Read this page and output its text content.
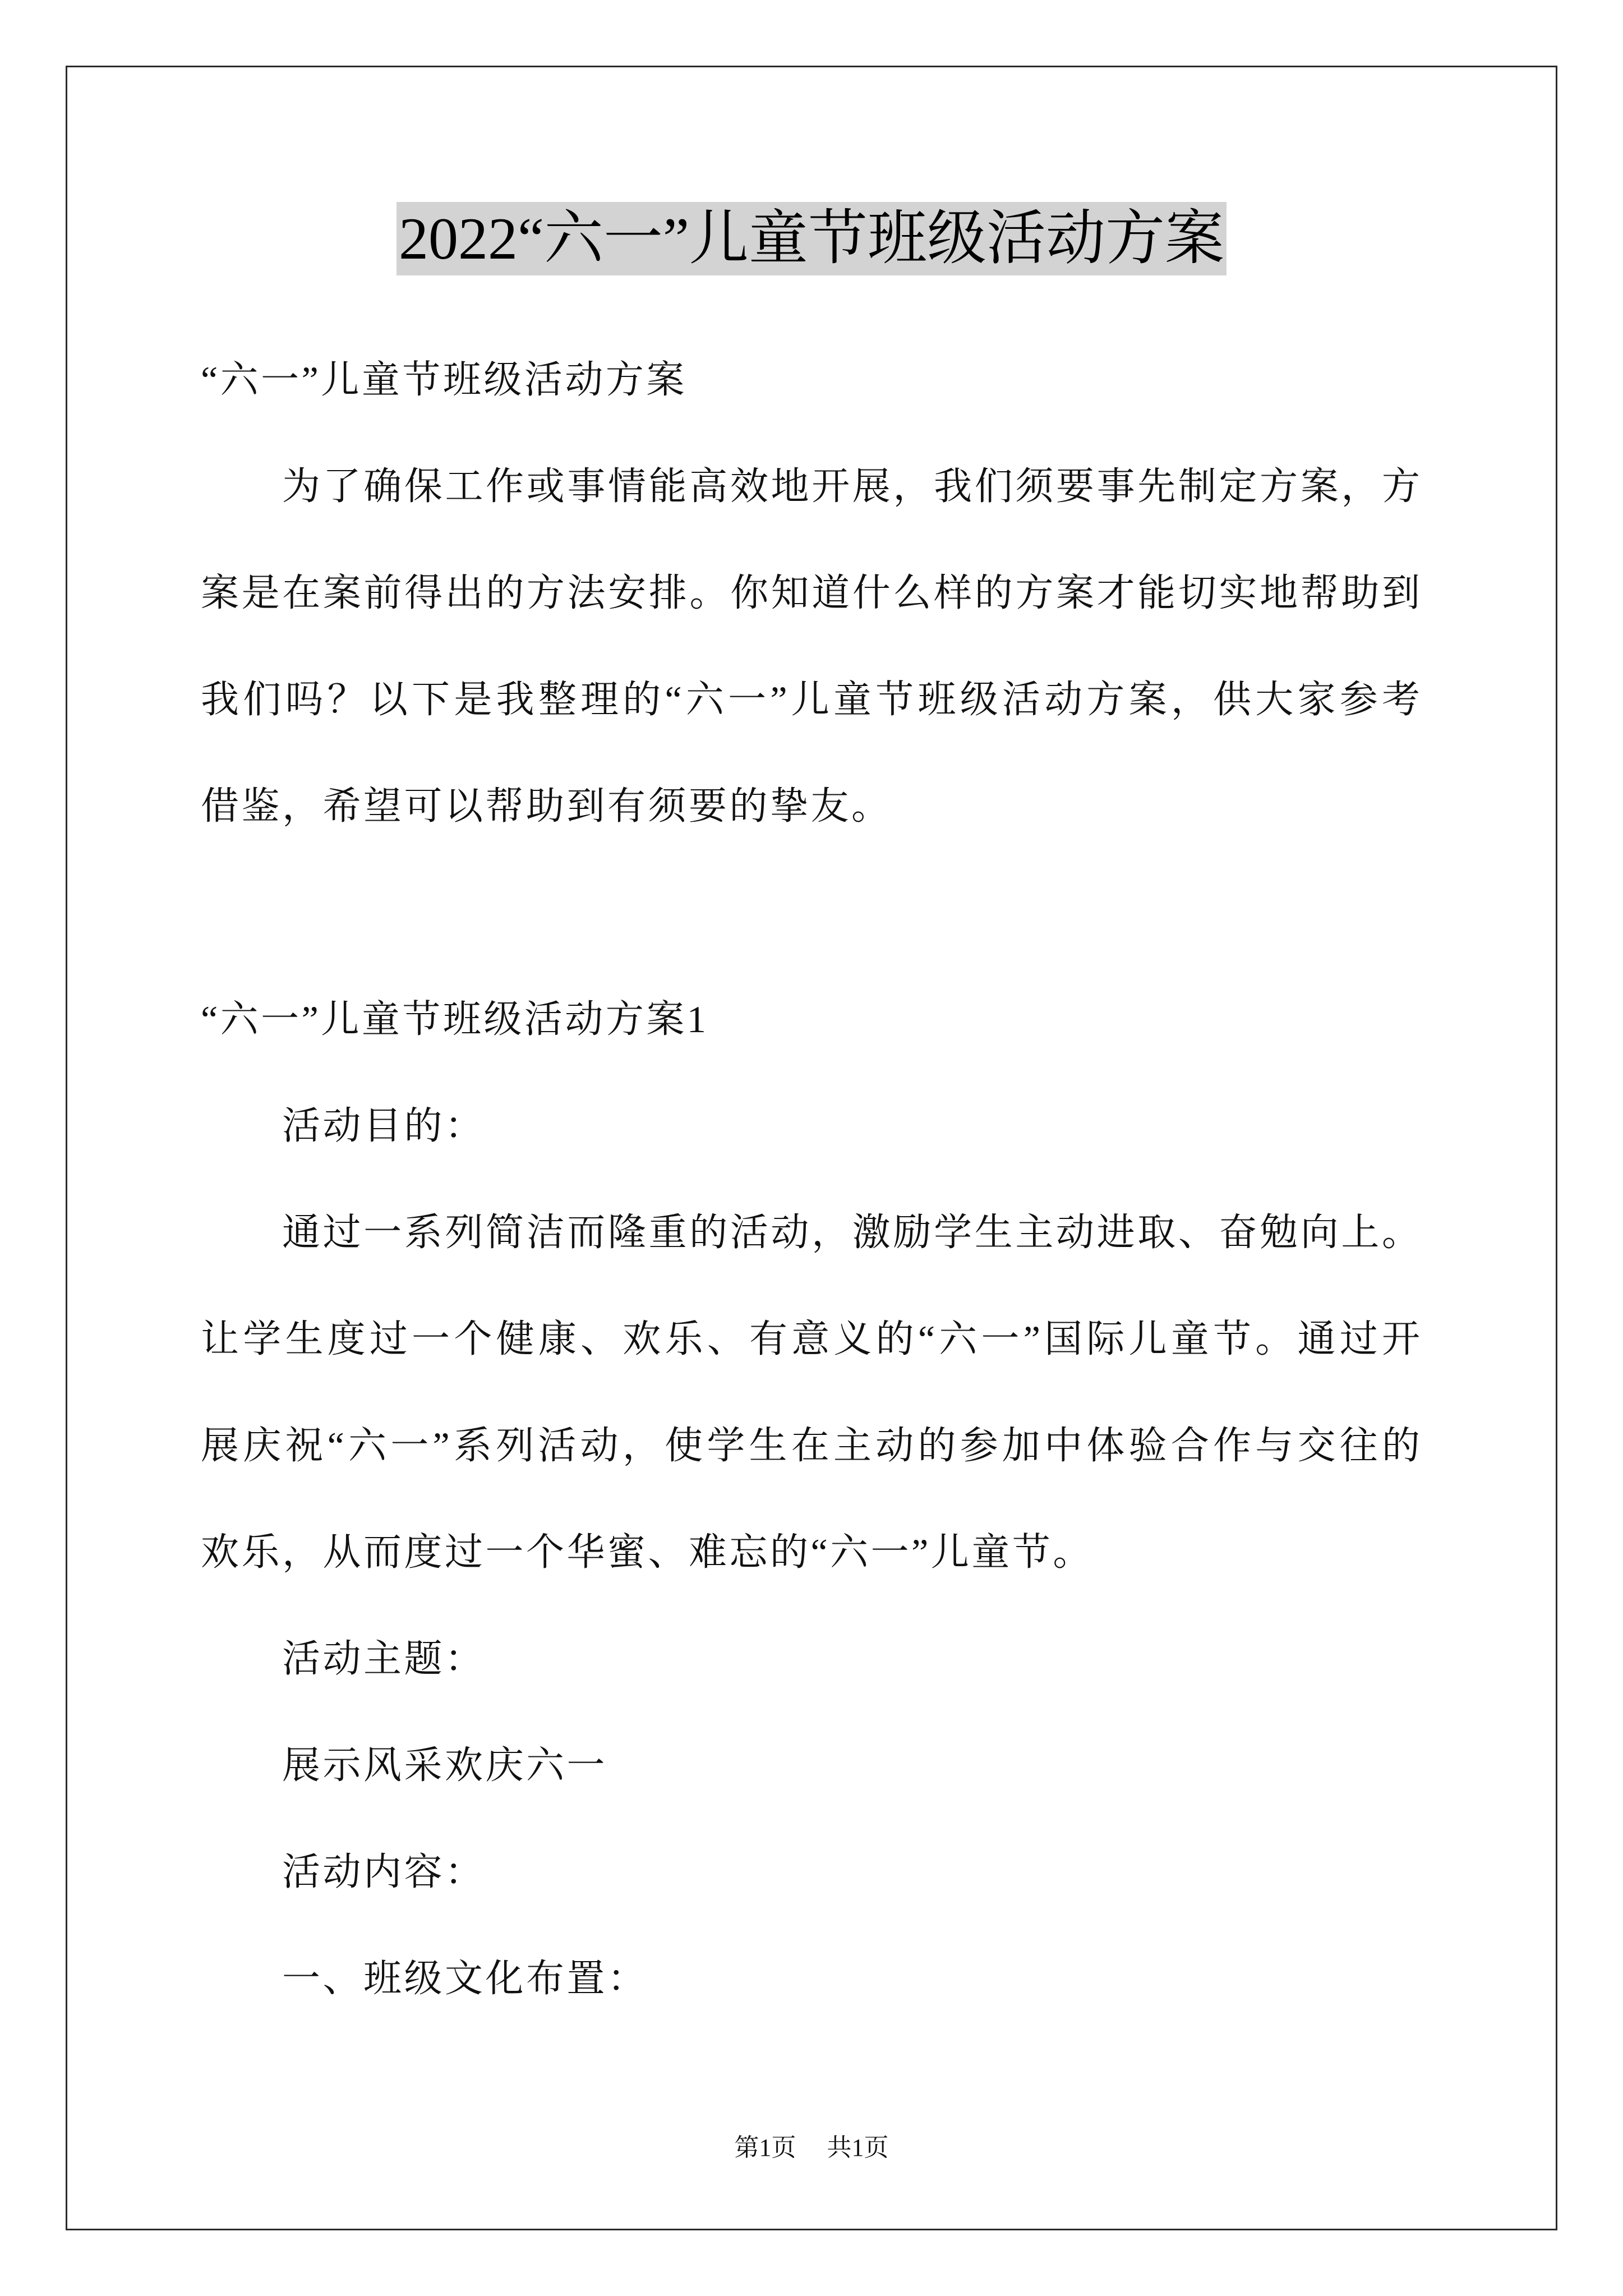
2022“六一”儿童节班级活动方案
“六一”儿童节班级活动方案
为了确保工作或事情能高效地开展，我们须要事先制定方案，方
案是在案前得出的方法安排。你知道什么样的方案才能切实地帮助到
我们吗？以下是我整理的“六一”儿童节班级活动方案，供大家参考
借鉴，希望可以帮助到有须要的挚友。
“六一”儿童节班级活动方案1
活动目的：
通过一系列简洁而隆重的活动，激励学生主动进取、奋勉向上。
让学生度过一个健康、欢乐、有意义的“六一”国际儿童节。通过开
展庆祝“六一”系列活动，使学生在主动的参加中体验合作与交往的
欢乐，从而度过一个华蜜、难忘的“六一”儿童节。
活动主题：
展示风采欢庆六一
活动内容：
一、班级文化布置：
第1页 共1页
